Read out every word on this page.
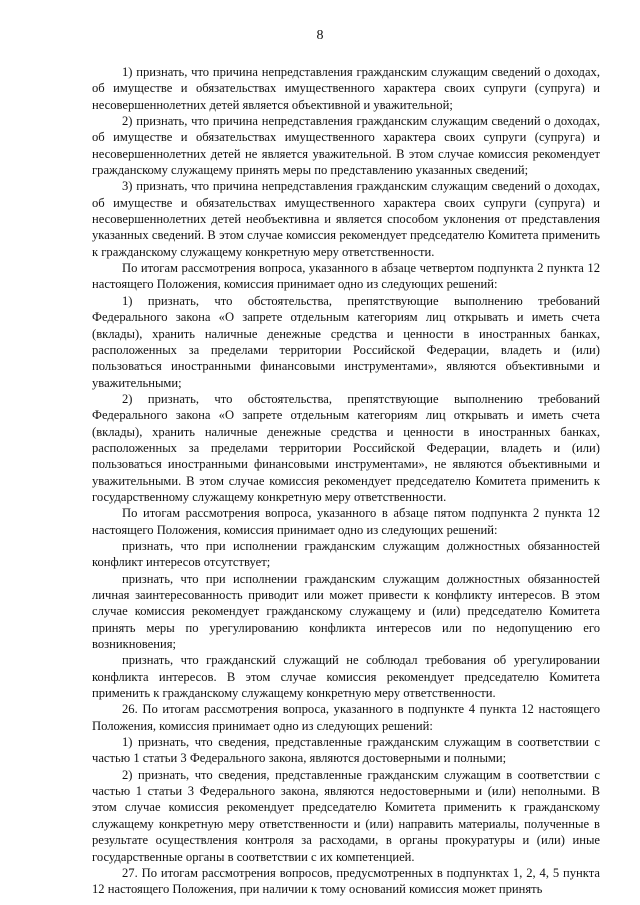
8

1) признать, что причина непредставления гражданским служащим сведений о доходах, об имуществе и обязательствах имущественного характера своих супруги (супруга) и несовершеннолетних детей является объективной и уважительной;

2) признать, что причина непредставления гражданским служащим сведений о доходах, об имуществе и обязательствах имущественного характера своих супруги (супруга) и несовершеннолетних детей не является уважительной. В этом случае комиссия рекомендует гражданскому служащему принять меры по представлению указанных сведений;

3) признать, что причина непредставления гражданским служащим сведений о доходах, об имуществе и обязательствах имущественного характера своих супруги (супруга) и несовершеннолетних детей необъективна и является способом уклонения от представления указанных сведений. В этом случае комиссия рекомендует председателю Комитета применить к гражданскому служащему конкретную меру ответственности.

По итогам рассмотрения вопроса, указанного в абзаце четвертом подпункта 2 пункта 12 настоящего Положения, комиссия принимает одно из следующих решений:

1) признать, что обстоятельства, препятствующие выполнению требований Федерального закона «О запрете отдельным категориям лиц открывать и иметь счета (вклады), хранить наличные денежные средства и ценности в иностранных банках, расположенных за пределами территории Российской Федерации, владеть и (или) пользоваться иностранными финансовыми инструментами», являются объективными и уважительными;

2) признать, что обстоятельства, препятствующие выполнению требований Федерального закона «О запрете отдельным категориям лиц открывать и иметь счета (вклады), хранить наличные денежные средства и ценности в иностранных банках, расположенных за пределами территории Российской Федерации, владеть и (или) пользоваться иностранными финансовыми инструментами», не являются объективными и уважительными. В этом случае комиссия рекомендует председателю Комитета применить к государственному служащему конкретную меру ответственности.

По итогам рассмотрения вопроса, указанного в абзаце пятом подпункта 2 пункта 12 настоящего Положения, комиссия принимает одно из следующих решений:

признать, что при исполнении гражданским служащим должностных обязанностей конфликт интересов отсутствует;

признать, что при исполнении гражданским служащим должностных обязанностей личная заинтересованность приводит или может привести к конфликту интересов. В этом случае комиссия рекомендует гражданскому служащему и (или) председателю Комитета принять меры по урегулированию конфликта интересов или по недопущению его возникновения;

признать, что гражданский служащий не соблюдал требования об урегулировании конфликта интересов. В этом случае комиссия рекомендует председателю Комитета применить к гражданскому служащему конкретную меру ответственности.

26. По итогам рассмотрения вопроса, указанного в подпункте 4 пункта 12 настоящего Положения, комиссия принимает одно из следующих решений:

1) признать, что сведения, представленные гражданским служащим в соответствии с частью 1 статьи 3 Федерального закона, являются достоверными и полными;

2) признать, что сведения, представленные гражданским служащим в соответствии с частью 1 статьи 3 Федерального закона, являются недостоверными и (или) неполными. В этом случае комиссия рекомендует председателю Комитета применить к гражданскому служащему конкретную меру ответственности и (или) направить материалы, полученные в результате осуществления контроля за расходами, в органы прокуратуры и (или) иные государственные органы в соответствии с их компетенцией.

27. По итогам рассмотрения вопросов, предусмотренных в подпунктах 1, 2, 4, 5 пункта 12 настоящего Положения, при наличии к тому оснований комиссия может принять
